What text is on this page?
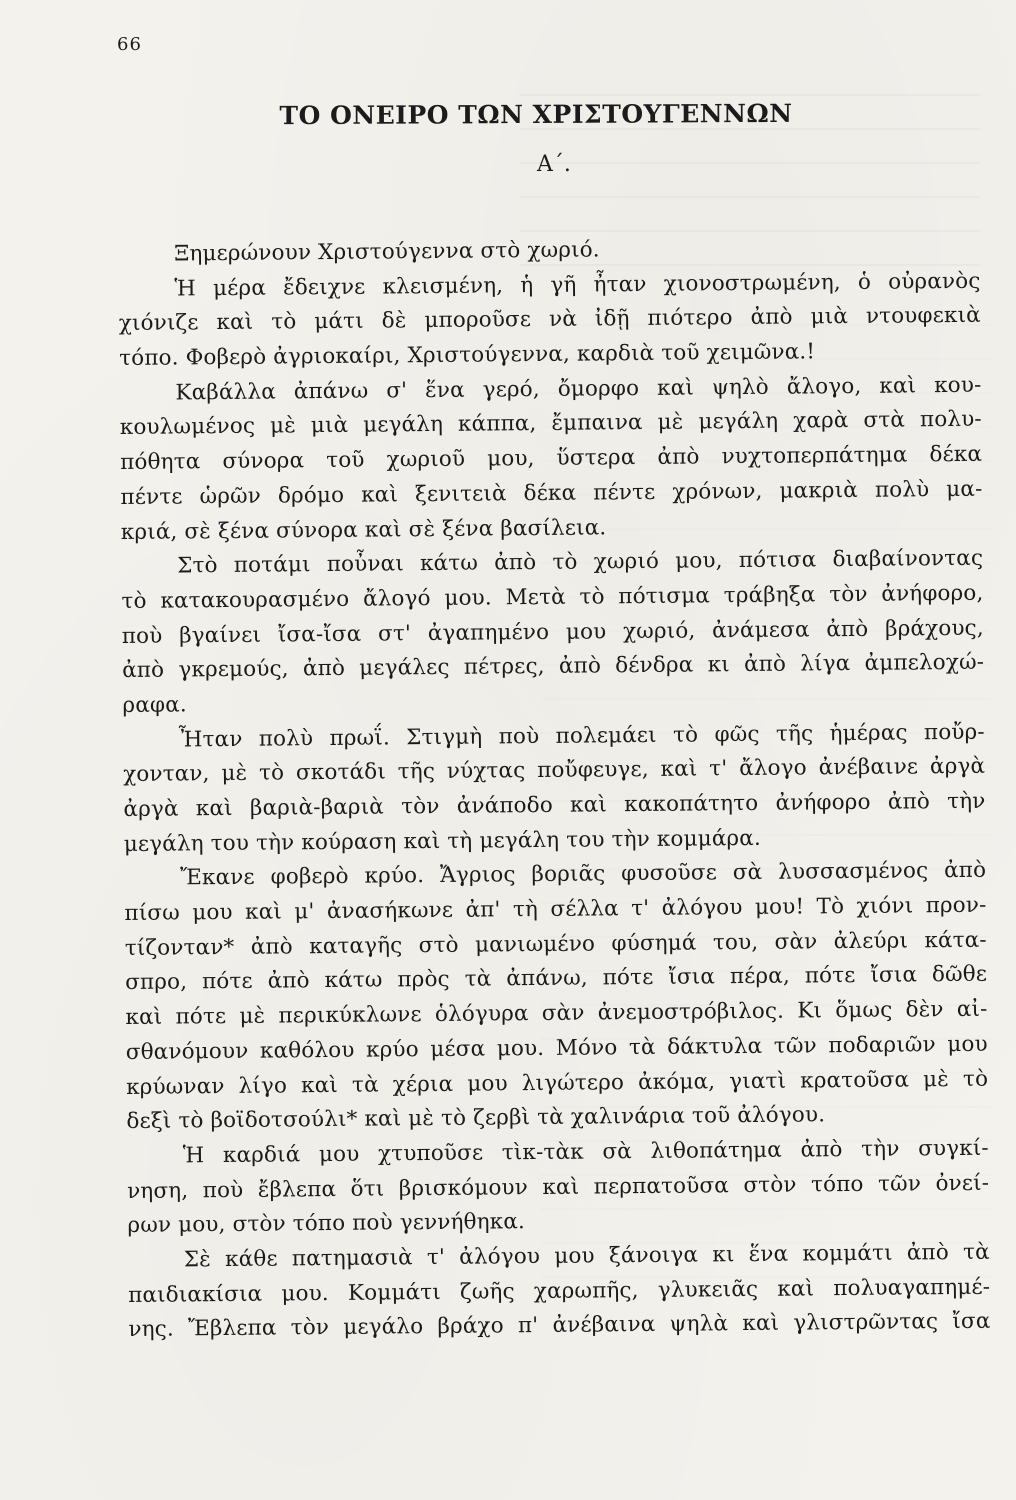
66
ΤΟ ΟΝΕΙΡΟ ΤΩΝ ΧΡΙΣΤΟΥΓΕΝΝΩΝ
Α΄.
Ξημερώνουν Χριστούγεννα στὸ χωριό.
Ἡ μέρα ἔδειχνε κλεισμένη, ἡ γῆ ἦταν χιονοστρωμένη, ὁ οὐρανὸς
χιόνιζε καὶ τὸ μάτι δὲ μποροῦσε νὰ ἰδῇ πιότερο ἀπὸ μιὰ ντουφεκιὰ
τόπο. Φοβερὸ ἀγριοκαίρι, Χριστούγεννα, καρδιὰ τοῦ χειμῶνα.!
Καβάλλα ἀπάνω σ' ἕνα γερό, ὄμορφο καὶ ψηλὸ ἄλογο, καὶ κου-
κουλωμένος μὲ μιὰ μεγάλη κάππα, ἔμπαινα μὲ μεγάλη χαρὰ στὰ πολυ-
πόθητα σύνορα τοῦ χωριοῦ μου, ὕστερα ἀπὸ νυχτοπερπάτημα δέκα
πέντε ὡρῶν δρόμο καὶ ξενιτειὰ δέκα πέντε χρόνων, μακριὰ πολὺ μα-
κριά, σὲ ξένα σύνορα καὶ σὲ ξένα βασίλεια.
Στὸ ποτάμι ποὖναι κάτω ἀπὸ τὸ χωριό μου, πότισα διαβαίνοντας
τὸ κατακουρασμένο ἄλογό μου. Μετὰ τὸ πότισμα τράβηξα τὸν ἀνήφορο,
ποὺ βγαίνει ἴσα-ἴσα στ' ἀγαπημένο μου χωριό, ἀνάμεσα ἀπὸ βράχους,
ἀπὸ γκρεμούς, ἀπὸ μεγάλες πέτρες, ἀπὸ δένδρα κι ἀπὸ λίγα ἀμπελοχώ-
ραφα.
Ἦταν πολὺ πρωΐ. Στιγμὴ ποὺ πολεμάει τὸ φῶς τῆς ἡμέρας ποὔρ-
χονταν, μὲ τὸ σκοτάδι τῆς νύχτας ποὔφευγε, καὶ τ' ἄλογο ἀνέβαινε ἀργὰ
ἀργὰ καὶ βαριὰ-βαριὰ τὸν ἀνάποδο καὶ κακοπάτητο ἀνήφορο ἀπὸ τὴν
μεγάλη του τὴν κούραση καὶ τὴ μεγάλη του τὴν κομμάρα.
Ἔκανε φοβερὸ κρύο. Ἄγριος βοριᾶς φυσοῦσε σὰ λυσσασμένος ἀπὸ
πίσω μου καὶ μ' ἀνασήκωνε ἀπ' τὴ σέλλα τ' ἀλόγου μου! Τὸ χιόνι προν-
τίζονταν* ἀπὸ καταγῆς στὸ μανιωμένο φύσημά του, σὰν ἀλεύρι κάτα-
σπρο, πότε ἀπὸ κάτω πρὸς τὰ ἀπάνω, πότε ἴσια πέρα, πότε ἴσια δῶθε
καὶ πότε μὲ περικύκλωνε ὁλόγυρα σὰν ἀνεμοστρόβιλος. Κι ὅμως δὲν αἰ-
σθανόμουν καθόλου κρύο μέσα μου. Μόνο τὰ δάκτυλα τῶν ποδαριῶν μου
κρύωναν λίγο καὶ τὰ χέρια μου λιγώτερο ἀκόμα, γιατὶ κρατοῦσα μὲ τὸ
δεξὶ τὸ βοϊδοτσούλι* καὶ μὲ τὸ ζερβὶ τὰ χαλινάρια τοῦ ἀλόγου.
Ἡ καρδιά μου χτυποῦσε τὶκ-τὰκ σὰ λιθοπάτημα ἀπὸ τὴν συγκί-
νηση, ποὺ ἔβλεπα ὅτι βρισκόμουν καὶ περπατοῦσα στὸν τόπο τῶν ὀνεί-
ρων μου, στὸν τόπο ποὺ γεννήθηκα.
Σὲ κάθε πατημασιὰ τ' ἀλόγου μου ξάνοιγα κι ἕνα κομμάτι ἀπὸ τὰ
παιδιακίσια μου. Κομμάτι ζωῆς χαρωπῆς, γλυκειᾶς καὶ πολυαγαπημέ-
νης. Ἔβλεπα τὸν μεγάλο βράχο π' ἀνέβαινα ψηλὰ καὶ γλιστρῶντας ἴσα
